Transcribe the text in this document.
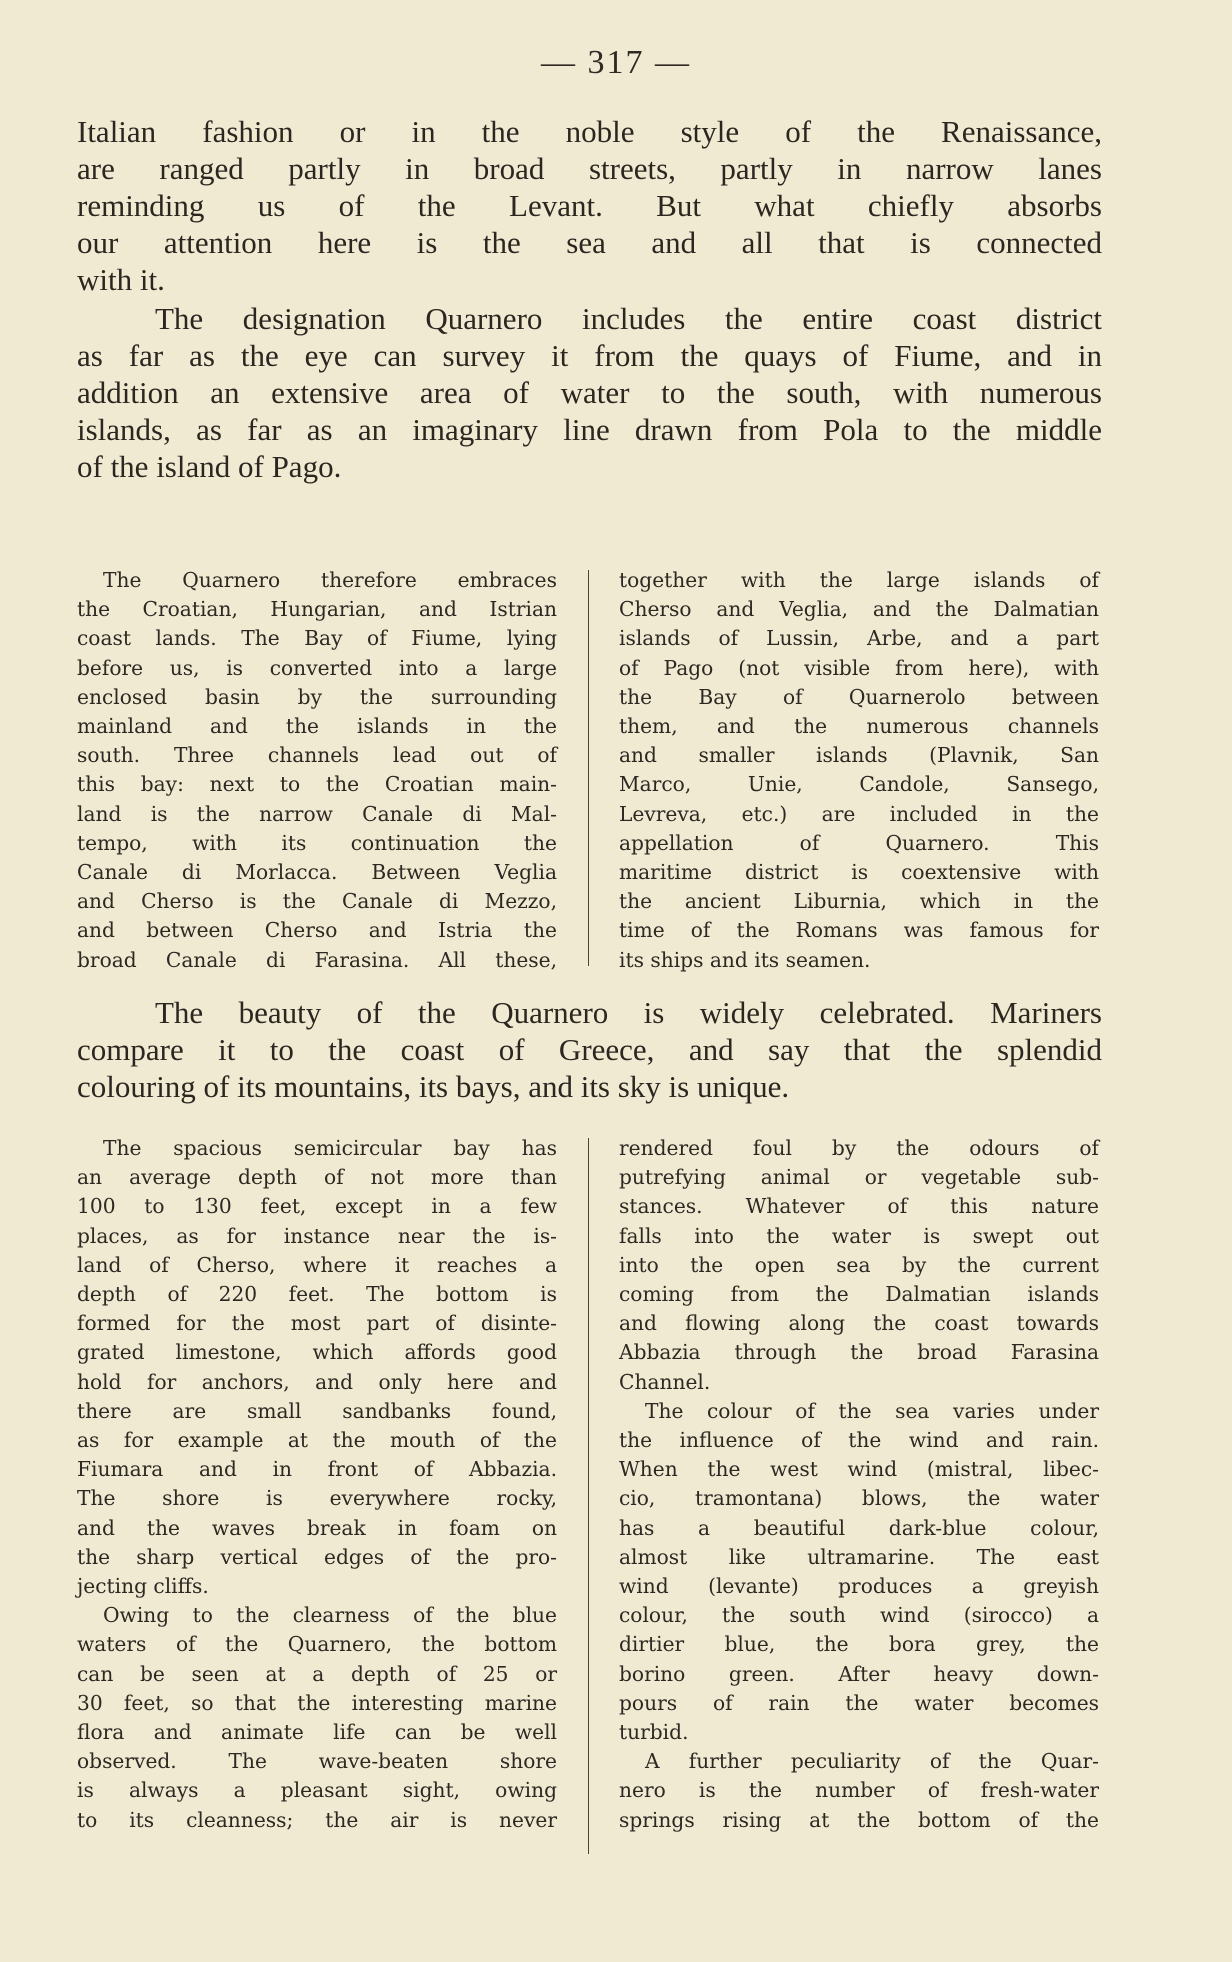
— 317 —

Italian fashion or in the noble style of the Renaissance,
are ranged partly in broad streets, partly in narrow lanes
reminding us of the Levant. But what chiefly absorbs
our attention here is the sea and all that is connected
with it.

The designation Quarnero includes the entire coast district
as far as the eye can survey it from the quays of Fiume, and in
addition an extensive area of water to the south, with numerous
islands, as far as an imaginary line drawn from Pola to the middle
of the island of Pago.

The Quarnero therefore embraces
the Croatian, Hungarian, and Istrian
coast lands. The Bay of Fiume, lying
before us, is converted into a large
enclosed basin by the surrounding
mainland and the islands in the
south. Three channels lead out of
this bay: next to the Croatian main-
land is the narrow Canale di Mal-
tempo, with its continuation the
Canale di Morlacca. Between Veglia
and Cherso is the Canale di Mezzo,
and between Cherso and Istria the
broad Canale di Farasina. All these,

together with the large islands of
Cherso and Veglia, and the Dalmatian
islands of Lussin, Arbe, and a part
of Pago (not visible from here), with
the Bay of Quarnerolo between
them, and the numerous channels
and smaller islands (Plavnik, San
Marco, Unie, Candole, Sansego,
Levreva, etc.) are included in the
appellation of Quarnero. This
maritime district is coextensive with
the ancient Liburnia, which in the
time of the Romans was famous for
its ships and its seamen.

The beauty of the Quarnero is widely celebrated. Mariners
compare it to the coast of Greece, and say that the splendid
colouring of its mountains, its bays, and its sky is unique.

The spacious semicircular bay has
an average depth of not more than
100 to 130 feet, except in a few
places, as for instance near the is-
land of Cherso, where it reaches a
depth of 220 feet. The bottom is
formed for the most part of disinte-
grated limestone, which affords good
hold for anchors, and only here and
there are small sandbanks found,
as for example at the mouth of the
Fiumara and in front of Abbazia.
The shore is everywhere rocky,
and the waves break in foam on
the sharp vertical edges of the pro-
jecting cliffs.

Owing to the clearness of the blue
waters of the Quarnero, the bottom
can be seen at a depth of 25 or
30 feet, so that the interesting marine
flora and animate life can be well
observed. The wave-beaten shore
is always a pleasant sight, owing
to its cleanness; the air is never

rendered foul by the odours of
putrefying animal or vegetable sub-
stances. Whatever of this nature
falls into the water is swept out
into the open sea by the current
coming from the Dalmatian islands
and flowing along the coast towards
Abbazia through the broad Farasina
Channel.

The colour of the sea varies under
the influence of the wind and rain.
When the west wind (mistral, libec-
cio, tramontana) blows, the water
has a beautiful dark-blue colour,
almost like ultramarine. The east
wind (levante) produces a greyish
colour, the south wind (sirocco) a
dirtier blue, the bora grey, the
borino green. After heavy down-
pours of rain the water becomes
turbid.

A further peculiarity of the Quar-
nero is the number of fresh-water
springs rising at the bottom of the
